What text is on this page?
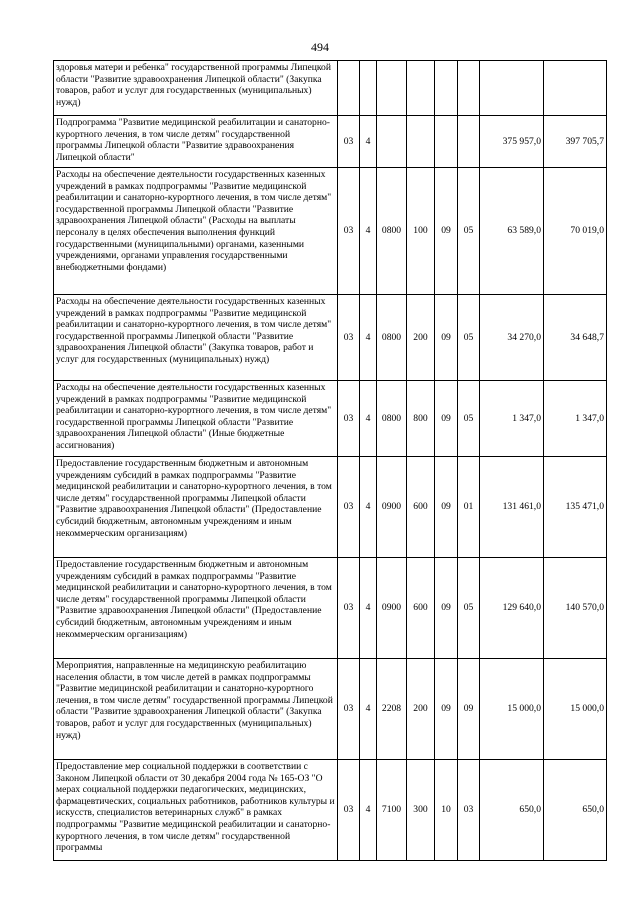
494
здоровья матери и ребенка" государственной программы Липецкой области "Развитие здравоохранения Липецкой области" (Закупка товаров, работ и услуг для государственных (муниципальных) нужд)								
Подпрограмма "Развитие медицинской реабилитации и санаторно-курортного лечения, в том числе детям" государственной программы Липецкой области "Развитие здравоохранения Липецкой области"	03	4					375 957,0	397 705,7
Расходы на обеспечение деятельности государственных казенных учреждений в рамках подпрограммы "Развитие медицинской реабилитации и санаторно-курортного лечения, в том числе детям" государственной программы Липецкой области "Развитие здравоохранения Липецкой области" (Расходы на выплаты персоналу в целях обеспечения выполнения функций государственными (муниципальными) органами, казенными учреждениями, органами управления государственными внебюджетными фондами)	03	4	0800	100	09	05	63 589,0	70 019,0
Расходы на обеспечение деятельности государственных казенных учреждений в рамках подпрограммы "Развитие медицинской реабилитации и санаторно-курортного лечения, в том числе детям" государственной программы Липецкой области "Развитие здравоохранения Липецкой области" (Закупка товаров, работ и услуг для государственных (муниципальных) нужд)	03	4	0800	200	09	05	34 270,0	34 648,7
Расходы на обеспечение деятельности государственных казенных учреждений в рамках подпрограммы "Развитие медицинской реабилитации и санаторно-курортного лечения, в том числе детям" государственной программы Липецкой области "Развитие здравоохранения Липецкой области" (Иные бюджетные ассигнования)	03	4	0800	800	09	05	1 347,0	1 347,0
Предоставление государственным бюджетным и автономным учреждениям субсидий в рамках подпрограммы "Развитие медицинской реабилитации и санаторно-курортного лечения, в том числе детям" государственной программы Липецкой области "Развитие здравоохранения Липецкой области" (Предоставление субсидий бюджетным, автономным учреждениям и иным некоммерческим организациям)	03	4	0900	600	09	01	131 461,0	135 471,0
Предоставление государственным бюджетным и автономным учреждениям субсидий в рамках подпрограммы "Развитие медицинской реабилитации и санаторно-курортного лечения, в том числе детям" государственной программы Липецкой области "Развитие здравоохранения Липецкой области" (Предоставление субсидий бюджетным, автономным учреждениям и иным некоммерческим организациям)	03	4	0900	600	09	05	129 640,0	140 570,0
Мероприятия, направленные на медицинскую реабилитацию населения области, в том числе детей в рамках подпрограммы "Развитие медицинской реабилитации и санаторно-курортного лечения, в том числе детям" государственной программы Липецкой области "Развитие здравоохранения Липецкой области" (Закупка товаров, работ и услуг для государственных (муниципальных) нужд)	03	4	2208	200	09	09	15 000,0	15 000,0
Предоставление мер социальной поддержки в соответствии с Законом Липецкой области от 30 декабря 2004 года № 165-ОЗ "О мерах социальной поддержки педагогических, медицинских, фармацевтических, социальных работников, работников культуры и искусств, специалистов ветеринарных служб" в рамках подпрограммы "Развитие медицинской реабилитации и санаторно-курортного лечения, в том числе детям" государственной программы	03	4	7100	300	10	03	650,0	650,0
